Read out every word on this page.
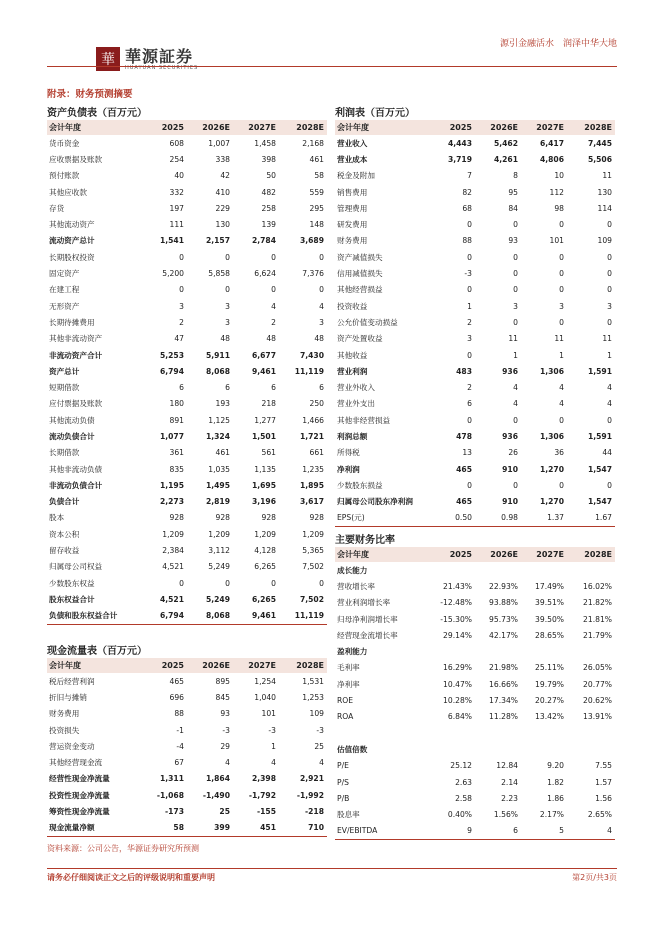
華 華源証券
HUAYUAN SECURITIES
源引金融活水　润泽中华大地
附录：财务预测摘要
资产负债表（百万元）
会计年度	2025	2026E	2027E	2028E
货币资金	608	1,007	1,458	2,168
应收票据及账款	254	338	398	461
预付账款	40	42	50	58
其他应收款	332	410	482	559
存货	197	229	258	295
其他流动资产	111	130	139	148
流动资产总计	1,541	2,157	2,784	3,689
长期股权投资	0	0	0	0
固定资产	5,200	5,858	6,624	7,376
在建工程	0	0	0	0
无形资产	3	3	4	4
长期待摊费用	2	3	2	3
其他非流动资产	47	48	48	48
非流动资产合计	5,253	5,911	6,677	7,430
资产总计	6,794	8,068	9,461	11,119
短期借款	6	6	6	6
应付票据及账款	180	193	218	250
其他流动负债	891	1,125	1,277	1,466
流动负债合计	1,077	1,324	1,501	1,721
长期借款	361	461	561	661
其他非流动负债	835	1,035	1,135	1,235
非流动负债合计	1,195	1,495	1,695	1,895
负债合计	2,273	2,819	3,196	3,617
股本	928	928	928	928
资本公积	1,209	1,209	1,209	1,209
留存收益	2,384	3,112	4,128	5,365
归属母公司权益	4,521	5,249	6,265	7,502
少数股东权益	0	0	0	0
股东权益合计	4,521	5,249	6,265	7,502
负债和股东权益合计	6,794	8,068	9,461	11,119
利润表（百万元）
会计年度	2025	2026E	2027E	2028E
营业收入	4,443	5,462	6,417	7,445
营业成本	3,719	4,261	4,806	5,506
税金及附加	7	8	10	11
销售费用	82	95	112	130
管理费用	68	84	98	114
研发费用	0	0	0	0
财务费用	88	93	101	109
资产减值损失	0	0	0	0
信用减值损失	-3	0	0	0
其他经营损益	0	0	0	0
投资收益	1	3	3	3
公允价值变动损益	2	0	0	0
资产处置收益	3	11	11	11
其他收益	0	1	1	1
营业利润	483	936	1,306	1,591
营业外收入	2	4	4	4
营业外支出	6	4	4	4
其他非经营损益	0	0	0	0
利润总额	478	936	1,306	1,591
所得税	13	26	36	44
净利润	465	910	1,270	1,547
少数股东损益	0	0	0	0
归属母公司股东净利润	465	910	1,270	1,547
EPS(元)	0.50	0.98	1.37	1.67
主要财务比率
会计年度	2025	2026E	2027E	2028E
成长能力				
营收增长率	21.43%	22.93%	17.49%	16.02%
营业利润增长率	-12.48%	93.88%	39.51%	21.82%
归母净利润增长率	-15.30%	95.73%	39.50%	21.81%
经营现金流增长率	29.14%	42.17%	28.65%	21.79%
盈利能力				
毛利率	16.29%	21.98%	25.11%	26.05%
净利率	10.47%	16.66%	19.79%	20.77%
ROE	10.28%	17.34%	20.27%	20.62%
ROA	6.84%	11.28%	13.42%	13.91%

估值倍数				
P/E	25.12	12.84	9.20	7.55
P/S	2.63	2.14	1.82	1.57
P/B	2.58	2.23	1.86	1.56
股息率	0.40%	1.56%	2.17%	2.65%
EV/EBITDA	9	6	5	4
现金流量表（百万元）
会计年度	2025	2026E	2027E	2028E
税后经营利润	465	895	1,254	1,531
折旧与摊销	696	845	1,040	1,253
财务费用	88	93	101	109
投资损失	-1	-3	-3	-3
营运资金变动	-4	29	1	25
其他经营现金流	67	4	4	4
经营性现金净流量	1,311	1,864	2,398	2,921
投资性现金净流量	-1,068	-1,490	-1,792	-1,992
筹资性现金净流量	-173	25	-155	-218
现金流量净额	58	399	451	710
资料来源：公司公告，华源证券研究所预测
请务必仔细阅读正文之后的评级说明和重要声明	第2页/共3页
